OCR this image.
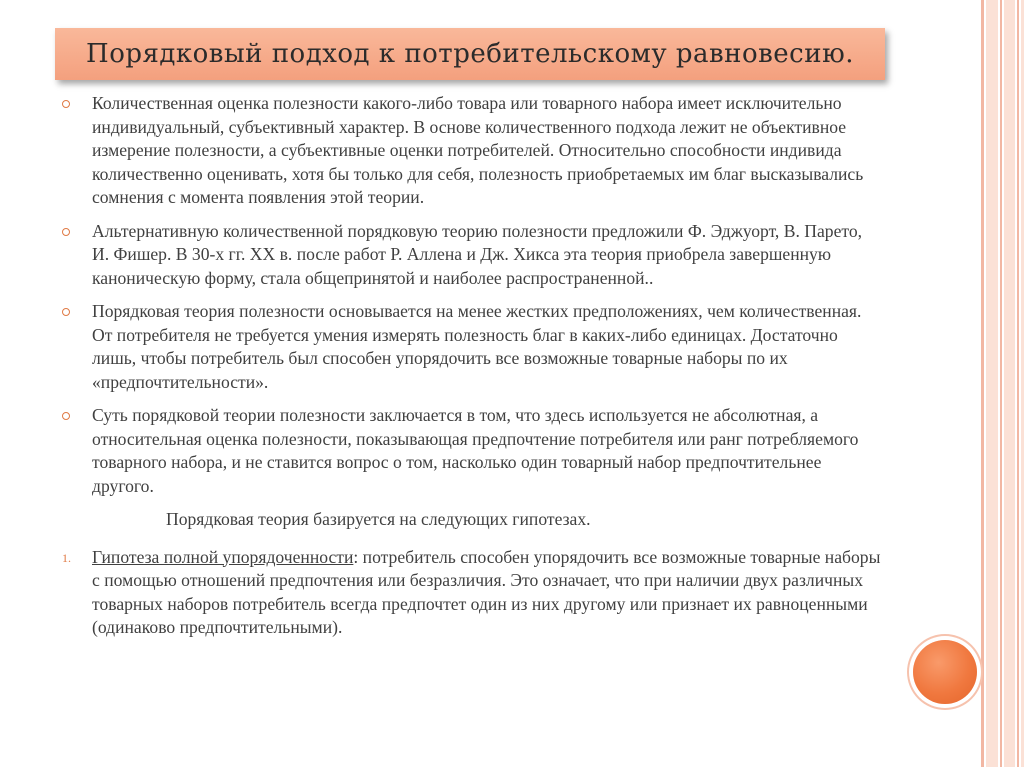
Порядковый подход к потребительскому равновесию.
Количественная оценка полезности какого-либо товара или товарного набора имеет исключительно индивидуальный, субъективный характер. В основе количественного подхода лежит не объективное измерение полезности, а субъективные оценки потребителей. Относительно способности индивида количественно оценивать, хотя бы только для себя, полезность приобретаемых им благ высказывались сомнения с момента появления этой теории.
Альтернативную количественной порядковую теорию полезности предложили Ф. Эджуорт, В. Парето, И. Фишер. В 30-х гг. XX в. после работ Р. Аллена и Дж. Хикса эта теория приобрела завершенную каноническую форму, стала общепринятой и наиболее распространенной..
Порядковая теория полезности основывается на менее жестких предположениях, чем количественная. От потребителя не требуется умения измерять полезность благ в каких-либо единицах. Достаточно лишь, чтобы потребитель был способен упорядочить все возможные товарные наборы по их «предпочтительности».
Суть порядковой теории полезности заключается в том, что здесь используется не абсолютная, а относительная оценка полезности, показывающая предпочтение потребителя или ранг потребляемого товарного набора, и не ставится вопрос о том, насколько один товарный набор предпочтительнее другого.
Порядковая теория базируется на следующих гипотезах.
1. Гипотеза полной упорядоченности: потребитель способен упорядочить все возможные товарные наборы с помощью отношений предпочтения или безразличия. Это означает, что при наличии двух различных товарных наборов потребитель всегда предпочтет один из них другому или признает их равноценными (одинаково предпочтительными).
